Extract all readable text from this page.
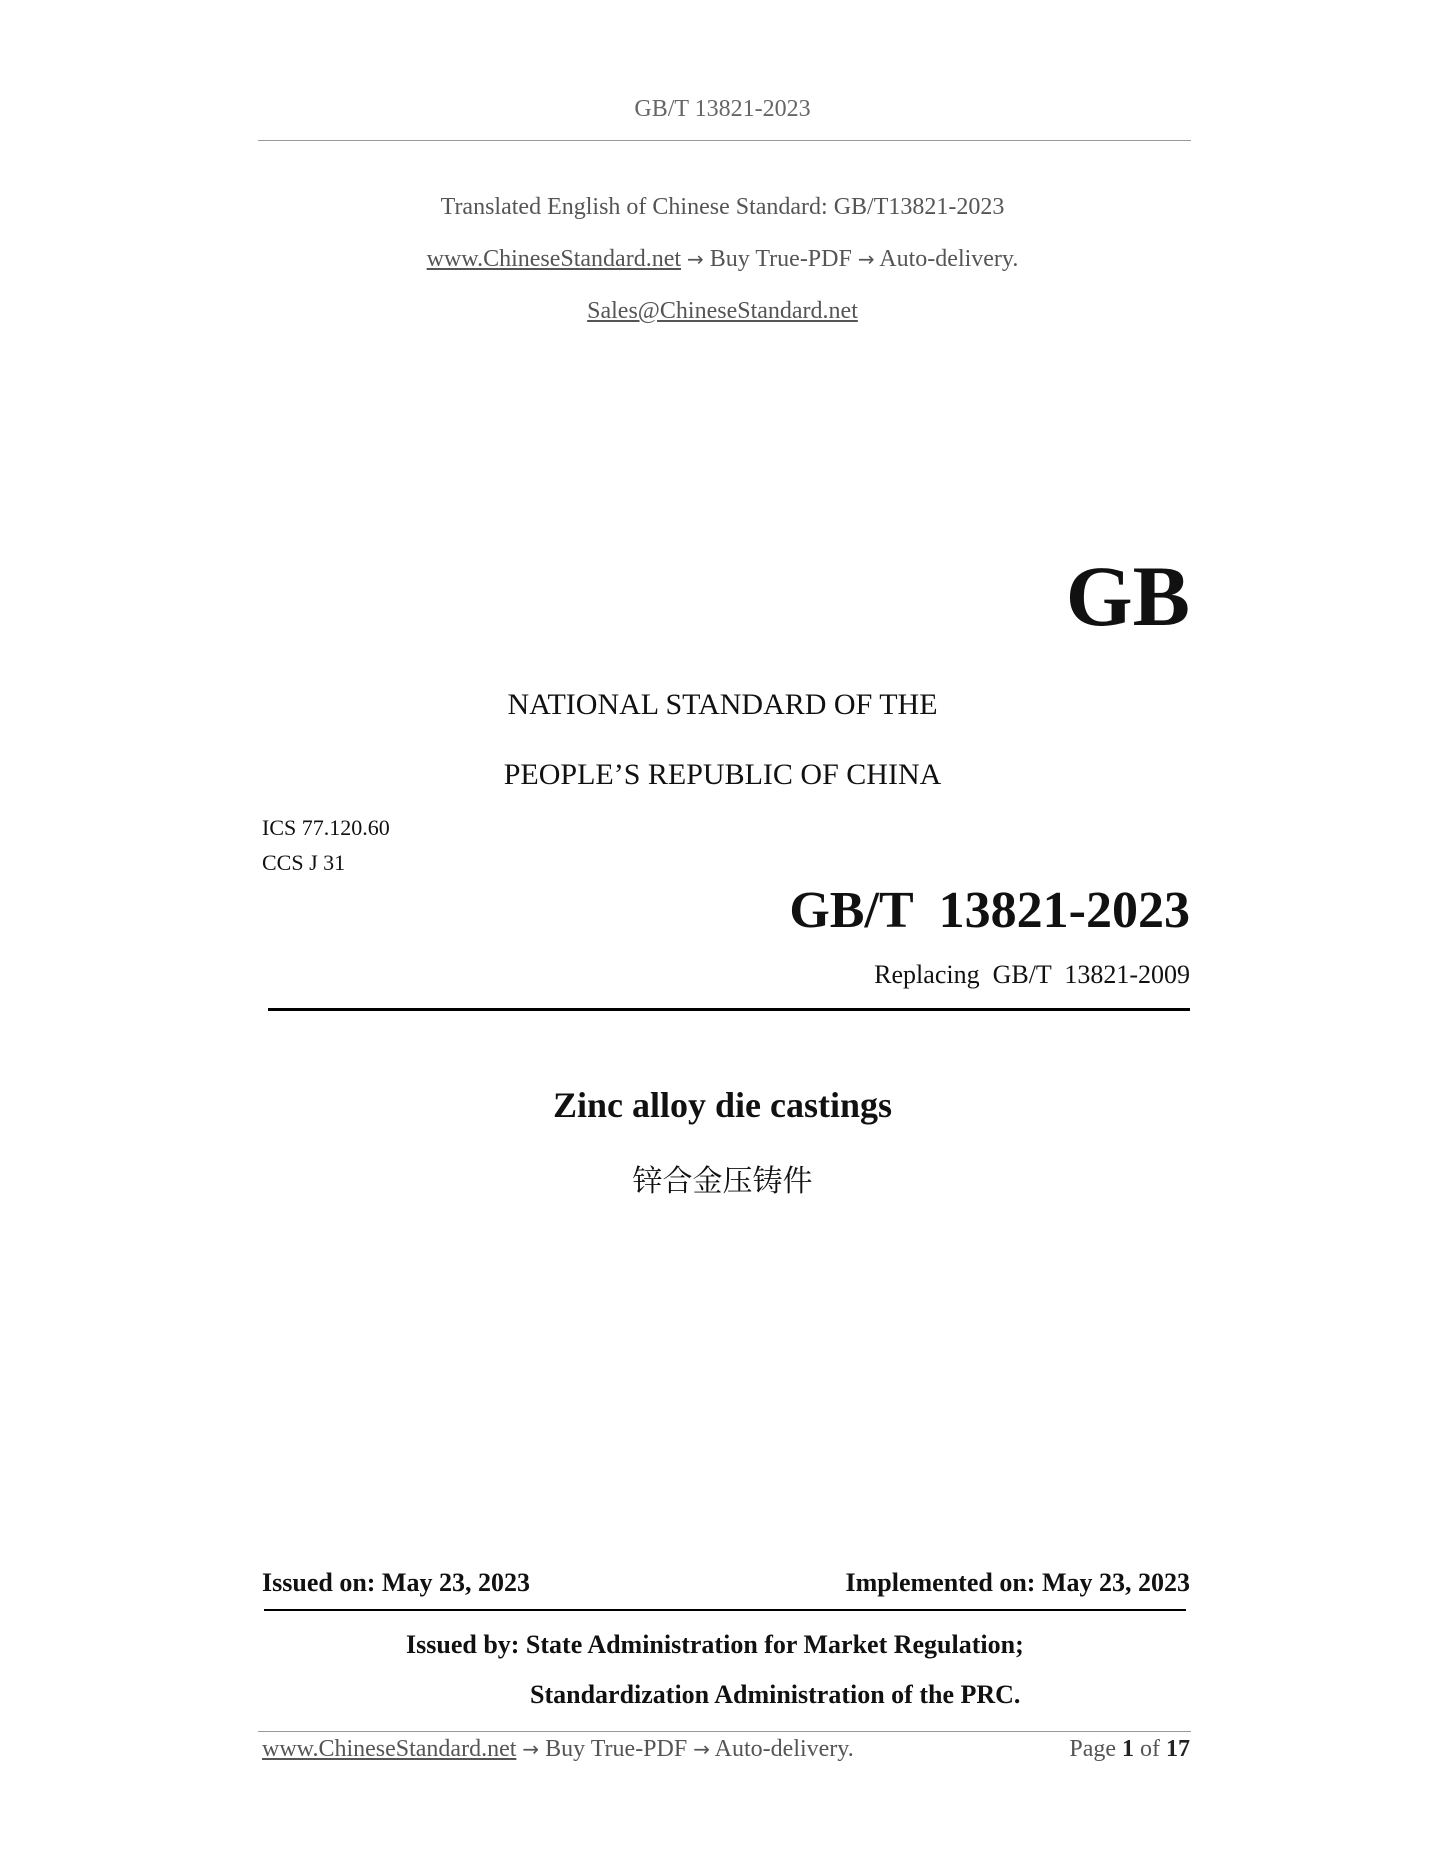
GB/T 13821-2023
Translated English of Chinese Standard: GB/T13821-2023
www.ChineseStandard.net → Buy True-PDF → Auto-delivery.
Sales@ChineseStandard.net
GB
NATIONAL STANDARD OF THE
PEOPLE’S REPUBLIC OF CHINA
ICS 77.120.60
CCS J 31
GB/T  13821-2023
Replacing  GB/T  13821-2009
Zinc alloy die castings
锌合金压铸件
Issued on: May 23, 2023	Implemented on: May 23, 2023
Issued by: State Administration for Market Regulation;
Standardization Administration of the PRC.
www.ChineseStandard.net → Buy True-PDF → Auto-delivery.	Page 1 of 17
